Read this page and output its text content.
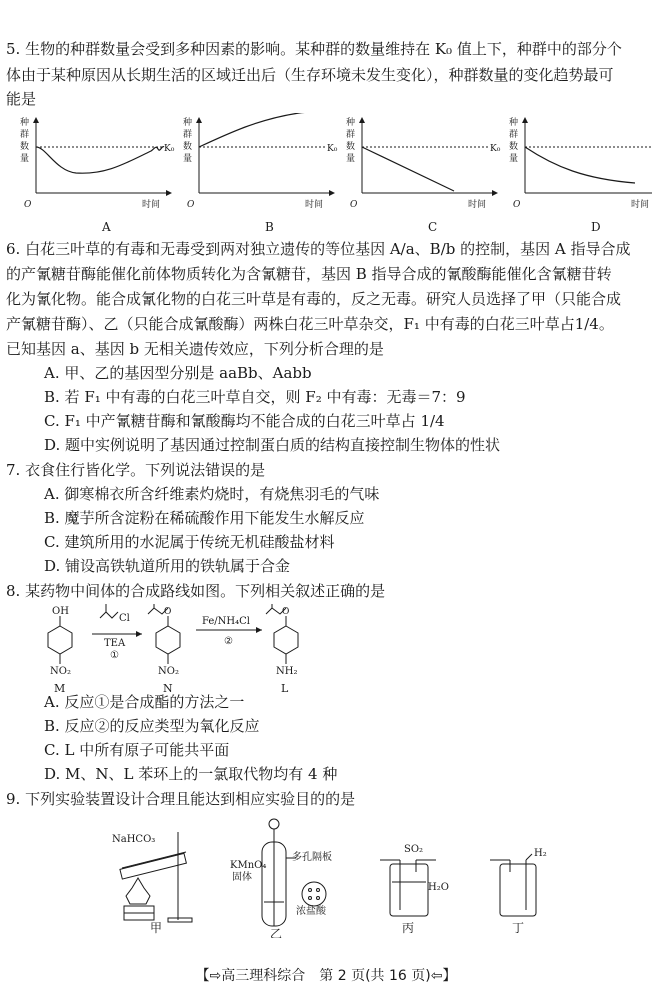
5. 生物的种群数量会受到多种因素的影响。某种群的数量维持在 K₀ 值上下，种群中的部分个
体由于某种原因从长期生活的区域迁出后（生存环境未发生变化），种群数量的变化趋势最可
能是
K₀
种
群
数
量
O	时间
A
K₀
种
群
数
量
O	时间
B
K₀
种
群
数
量
O	时间
C
种
群
数
量
O	时间
D
6. 白花三叶草的有毒和无毒受到两对独立遗传的等位基因 A/a、B/b 的控制，基因 A 指导合成
的产氰糖苷酶能催化前体物质转化为含氰糖苷，基因 B 指导合成的氰酸酶能催化含氰糖苷转
化为氰化物。能合成氰化物的白花三叶草是有毒的，反之无毒。研究人员选择了甲（只能合成
产氰糖苷酶）、乙（只能合成氰酸酶）两株白花三叶草杂交，F₁ 中有毒的白花三叶草占1/4。
已知基因 a、基因 b 无相关遗传效应，下列分析合理的是
A. 甲、乙的基因型分别是 aaBb、Aabb
B. 若 F₁ 中有毒的白花三叶草自交，则 F₂ 中有毒：无毒＝7：9
C. F₁ 中产氰糖苷酶和氰酸酶均不能合成的白花三叶草占 1/4
D. 题中实例说明了基因通过控制蛋白质的结构直接控制生物体的性状
7. 衣食住行皆化学。下列说法错误的是
A. 御寒棉衣所含纤维素灼烧时，有烧焦羽毛的气味
B. 魔芋所含淀粉在稀硫酸作用下能发生水解反应
C. 建筑所用的水泥属于传统无机硅酸盐材料
D. 铺设高铁轨道所用的铁轨属于合金
8. 某药物中间体的合成路线如图。下列相关叙述正确的是
OH
NO₂
M
Cl
TEA
①
O
NO₂
N
Fe/NH₄Cl
②
O
NH₂
L
A. 反应①是合成酯的方法之一
B. 反应②的反应类型为氧化反应
C. L 中所有原子可能共平面
D. M、N、L 苯环上的一氯取代物均有 4 种
9. 下列实验装置设计合理且能达到相应实验目的的是
NaHCO₃
甲
KMnO₄
固体
多孔隔板
浓盐酸
乙
SO₂
H₂O
丙
H₂
丁
【⇨高三理科综合　第 2 页(共 16 页)⇦】
